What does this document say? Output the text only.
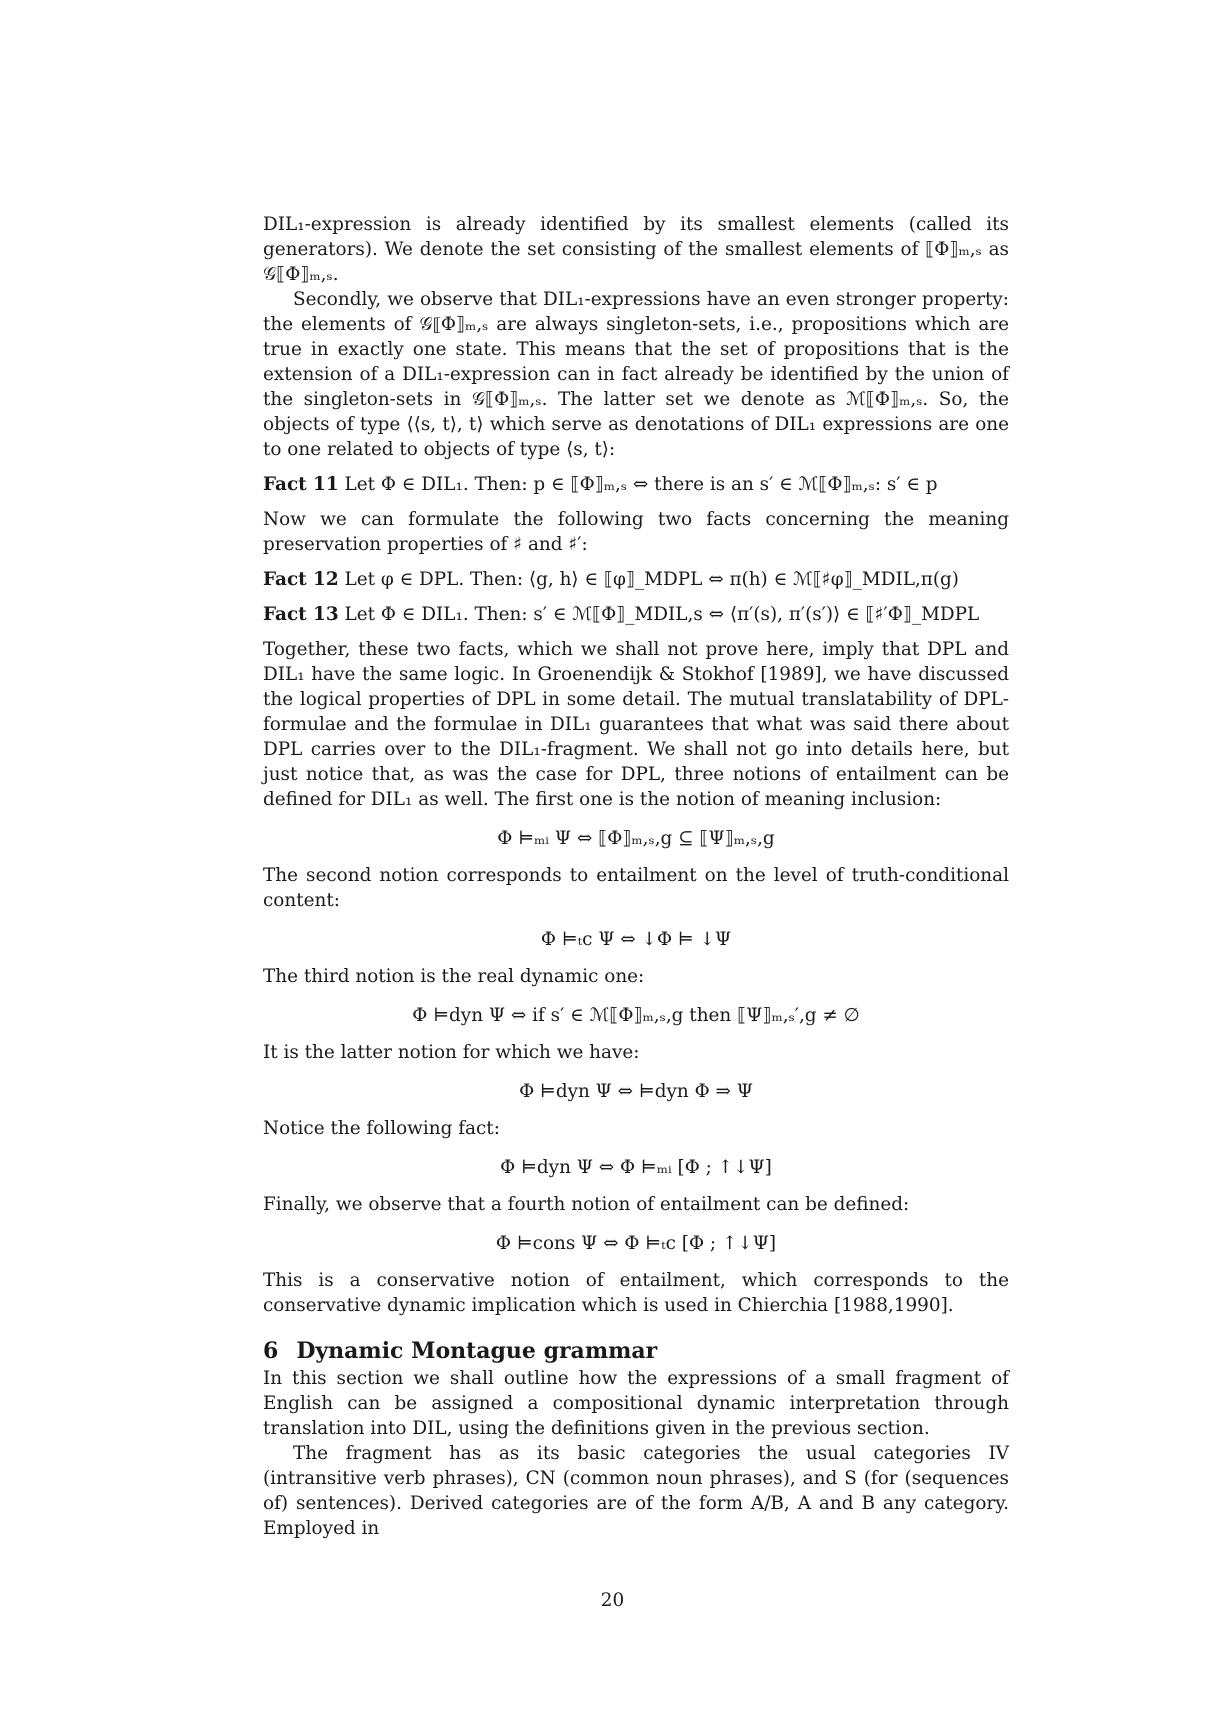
DIL₁-expression is already identified by its smallest elements (called its generators). We denote the set consisting of the smallest elements of ⟦Φ⟧ₘ,ₛ as 𝒢⟦Φ⟧ₘ,ₛ.

Secondly, we observe that DIL₁-expressions have an even stronger property: the elements of 𝒢⟦Φ⟧ₘ,ₛ are always singleton-sets, i.e., propositions which are true in exactly one state. This means that the set of propositions that is the extension of a DIL₁-expression can in fact already be identified by the union of the singleton-sets in 𝒢⟦Φ⟧ₘ,ₛ. The latter set we denote as ℳ⟦Φ⟧ₘ,ₛ. So, the objects of type ⟨⟨s, t⟩, t⟩ which serve as denotations of DIL₁ expressions are one to one related to objects of type ⟨s, t⟩:

Fact 11 Let Φ ∈ DIL₁. Then: p ∈ ⟦Φ⟧ₘ,ₛ ⇔ there is an s′ ∈ ℳ⟦Φ⟧ₘ,ₛ: s′ ∈ p

Now we can formulate the following two facts concerning the meaning preservation properties of ♯ and ♯′:

Fact 12 Let φ ∈ DPL. Then: ⟨g, h⟩ ∈ ⟦φ⟧_MDPL ⇔ π(h) ∈ ℳ⟦♯φ⟧_MDIL,π(g)

Fact 13 Let Φ ∈ DIL₁. Then: s′ ∈ ℳ⟦Φ⟧_MDIL,s ⇔ ⟨π′(s), π′(s′)⟩ ∈ ⟦♯′Φ⟧_MDPL

Together, these two facts, which we shall not prove here, imply that DPL and DIL₁ have the same logic. In Groenendijk & Stokhof [1989], we have discussed the logical properties of DPL in some detail. The mutual translatability of DPL-formulae and the formulae in DIL₁ guarantees that what was said there about DPL carries over to the DIL₁-fragment. We shall not go into details here, but just notice that, as was the case for DPL, three notions of entailment can be defined for DIL₁ as well. The first one is the notion of meaning inclusion:

Φ ⊨ₘᵢ Ψ ⇔ ⟦Φ⟧ₘ,ₛ,g ⊆ ⟦Ψ⟧ₘ,ₛ,g

The second notion corresponds to entailment on the level of truth-conditional content:

Φ ⊨ₜc Ψ ⇔ ↓Φ ⊨ ↓Ψ

The third notion is the real dynamic one:

Φ ⊨dyn Ψ ⇔ if s′ ∈ ℳ⟦Φ⟧ₘ,ₛ,g then ⟦Ψ⟧ₘ,ₛ′,g ≠ ∅

It is the latter notion for which we have:

Φ ⊨dyn Ψ ⇔ ⊨dyn Φ ⇒ Ψ

Notice the following fact:

Φ ⊨dyn Ψ ⇔ Φ ⊨ₘᵢ [Φ ; ↑↓Ψ]

Finally, we observe that a fourth notion of entailment can be defined:

Φ ⊨cons Ψ ⇔ Φ ⊨ₜc [Φ ; ↑↓Ψ]

This is a conservative notion of entailment, which corresponds to the conservative dynamic implication which is used in Chierchia [1988,1990].

6 Dynamic Montague grammar

In this section we shall outline how the expressions of a small fragment of English can be assigned a compositional dynamic interpretation through translation into DIL, using the definitions given in the previous section.

The fragment has as its basic categories the usual categories IV (intransitive verb phrases), CN (common noun phrases), and S (for (sequences of) sentences). Derived categories are of the form A/B, A and B any category. Employed in

20
